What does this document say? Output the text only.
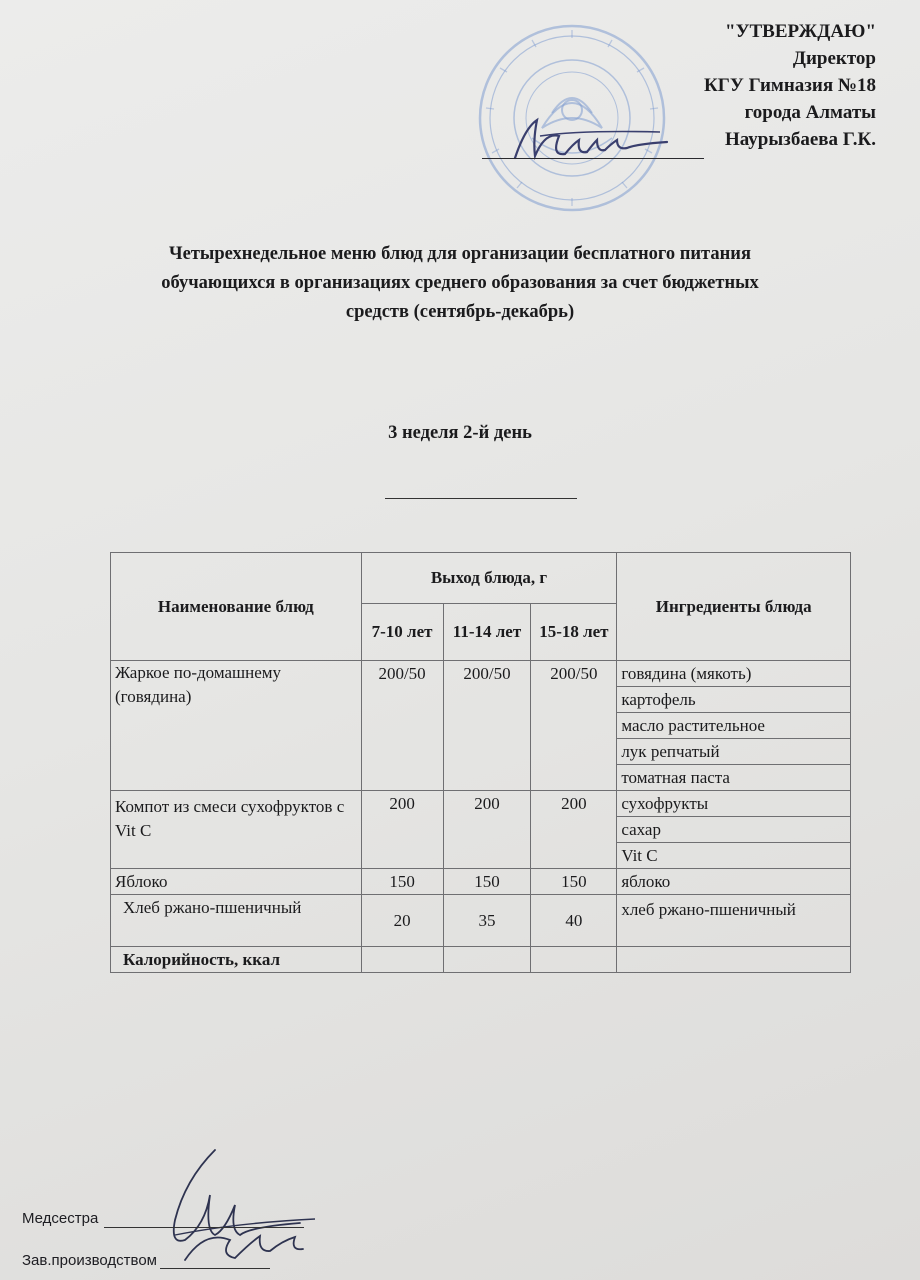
"УТВЕРЖДАЮ"
Директор
КГУ Гимназия №18
города Алматы
Наурызбаева Г.К.
Четырехнедельное меню блюд для организации бесплатного питания
обучающихся в организациях среднего образования за счет бюджетных
средств (сентябрь-декабрь)
3 неделя 2-й день
Наименование блюд	Выход блюда, г			Ингредиенты блюда
	7-10 лет	11-14 лет	15-18 лет	
Жаркое по-домашнему (говядина)	200/50	200/50	200/50	говядина (мякоть)
				картофель
				масло растительное
				лук репчатый
				томатная паста
Компот из смеси сухофруктов с Vit C	200	200	200	сухофрукты
				сахар
				Vit C
Яблоко	150	150	150	яблоко
Хлеб ржано-пшеничный	20	35	40	хлеб ржано-пшеничный
Калорийность, ккал				
Медсестра
Зав.производством
